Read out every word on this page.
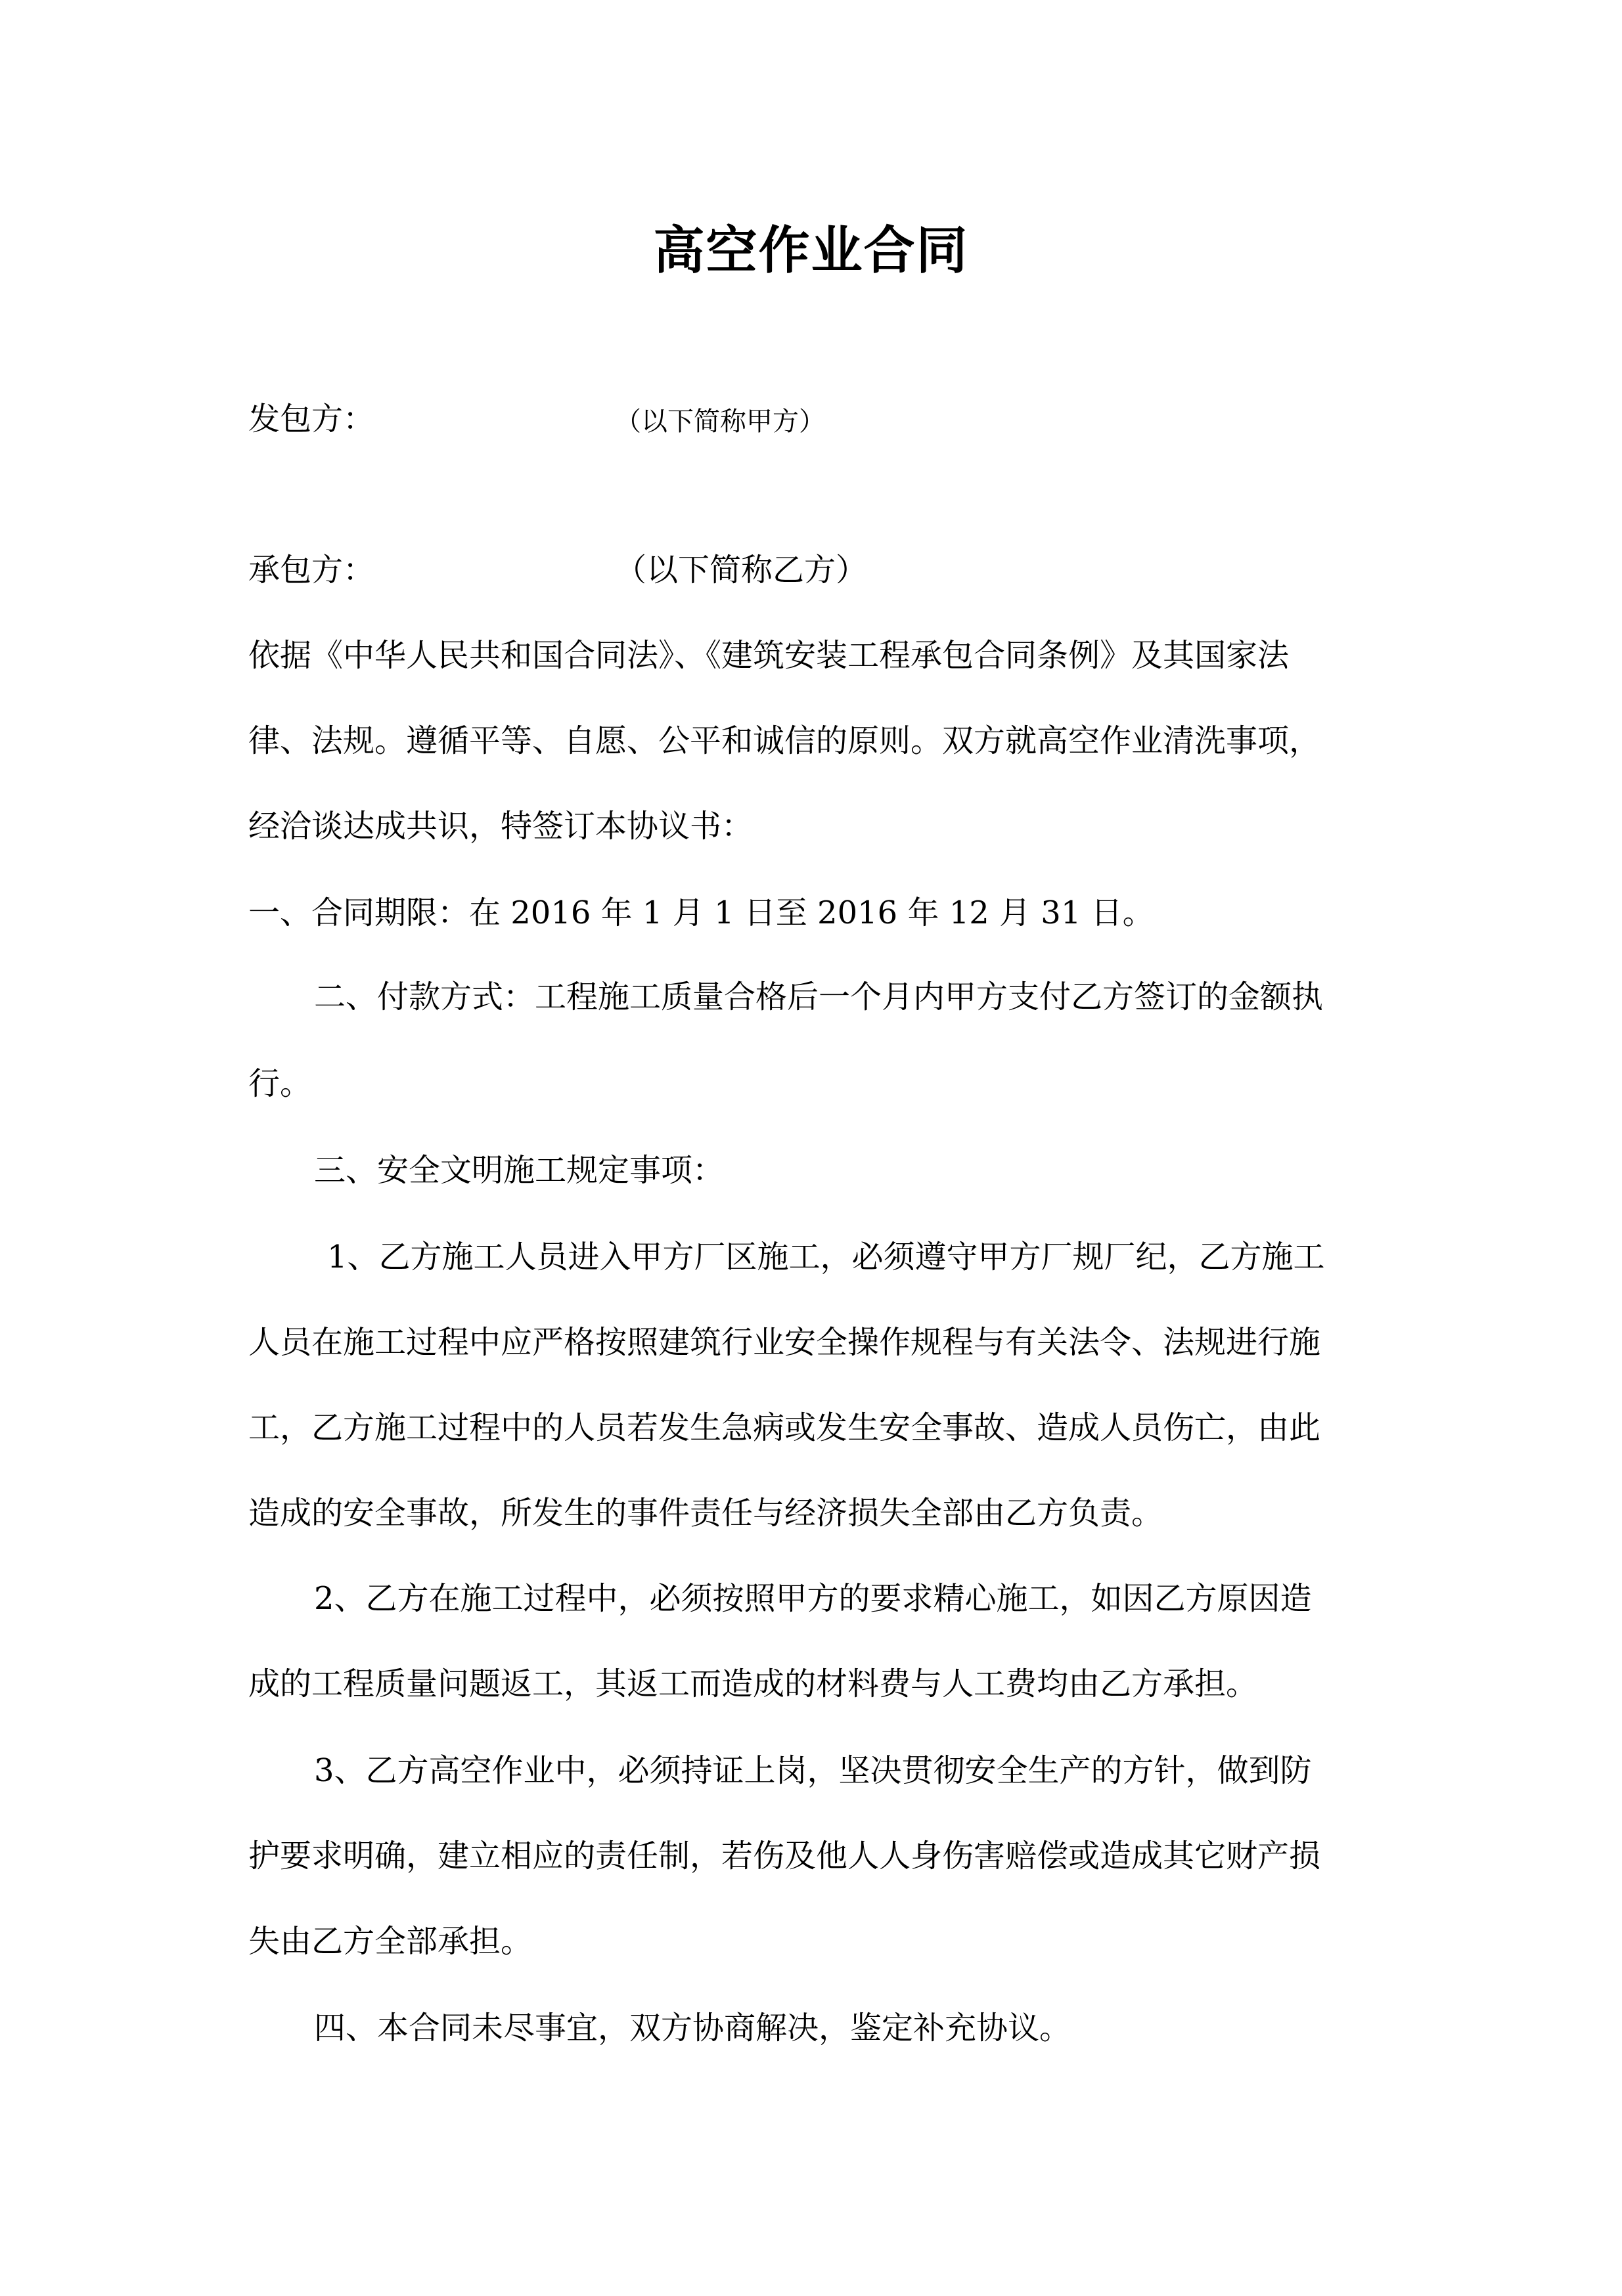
高空作业合同
发包方：	（以下简称甲方）
承包方：	（以下简称乙方）
依据《中华人民共和国合同法》、《建筑安装工程承包合同条例》及其国家法
律、法规。遵循平等、自愿、公平和诚信的原则。双方就高空作业清洗事项，
经洽谈达成共识，特签订本协议书：
一、合同期限：在 2016 年 1 月 1 日至 2016 年 12 月 31 日。
二、付款方式：工程施工质量合格后一个月内甲方支付乙方签订的金额执
行。
三、安全文明施工规定事项：
1、乙方施工人员进入甲方厂区施工，必须遵守甲方厂规厂纪，乙方施工
人员在施工过程中应严格按照建筑行业安全操作规程与有关法令、法规进行施
工，乙方施工过程中的人员若发生急病或发生安全事故、造成人员伤亡，由此
造成的安全事故，所发生的事件责任与经济损失全部由乙方负责。
2、乙方在施工过程中，必须按照甲方的要求精心施工，如因乙方原因造
成的工程质量问题返工，其返工而造成的材料费与人工费均由乙方承担。
3、乙方高空作业中，必须持证上岗，坚决贯彻安全生产的方针，做到防
护要求明确，建立相应的责任制，若伤及他人人身伤害赔偿或造成其它财产损
失由乙方全部承担。
四、本合同未尽事宜，双方协商解决，鉴定补充协议。
